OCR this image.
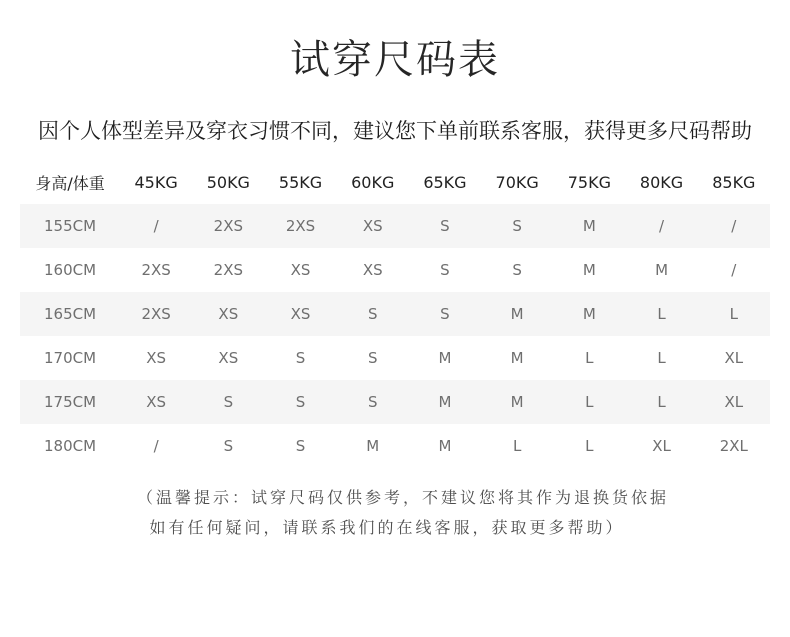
试穿尺码表
因个人体型差异及穿衣习惯不同，建议您下单前联系客服，获得更多尺码帮助
身高/体重	45KG	50KG	55KG	60KG	65KG	70KG	75KG	80KG	85KG
155CM	/	2XS	2XS	XS	S	S	M	/	/
160CM	2XS	2XS	XS	XS	S	S	M	M	/
165CM	2XS	XS	XS	S	S	M	M	L	L
170CM	XS	XS	S	S	M	M	L	L	XL
175CM	XS	S	S	S	M	M	L	L	XL
180CM	/	S	S	M	M	L	L	XL	2XL
（温馨提示：试穿尺码仅供参考，不建议您将其作为退换货依据
如有任何疑问，请联系我们的在线客服，获取更多帮助）
